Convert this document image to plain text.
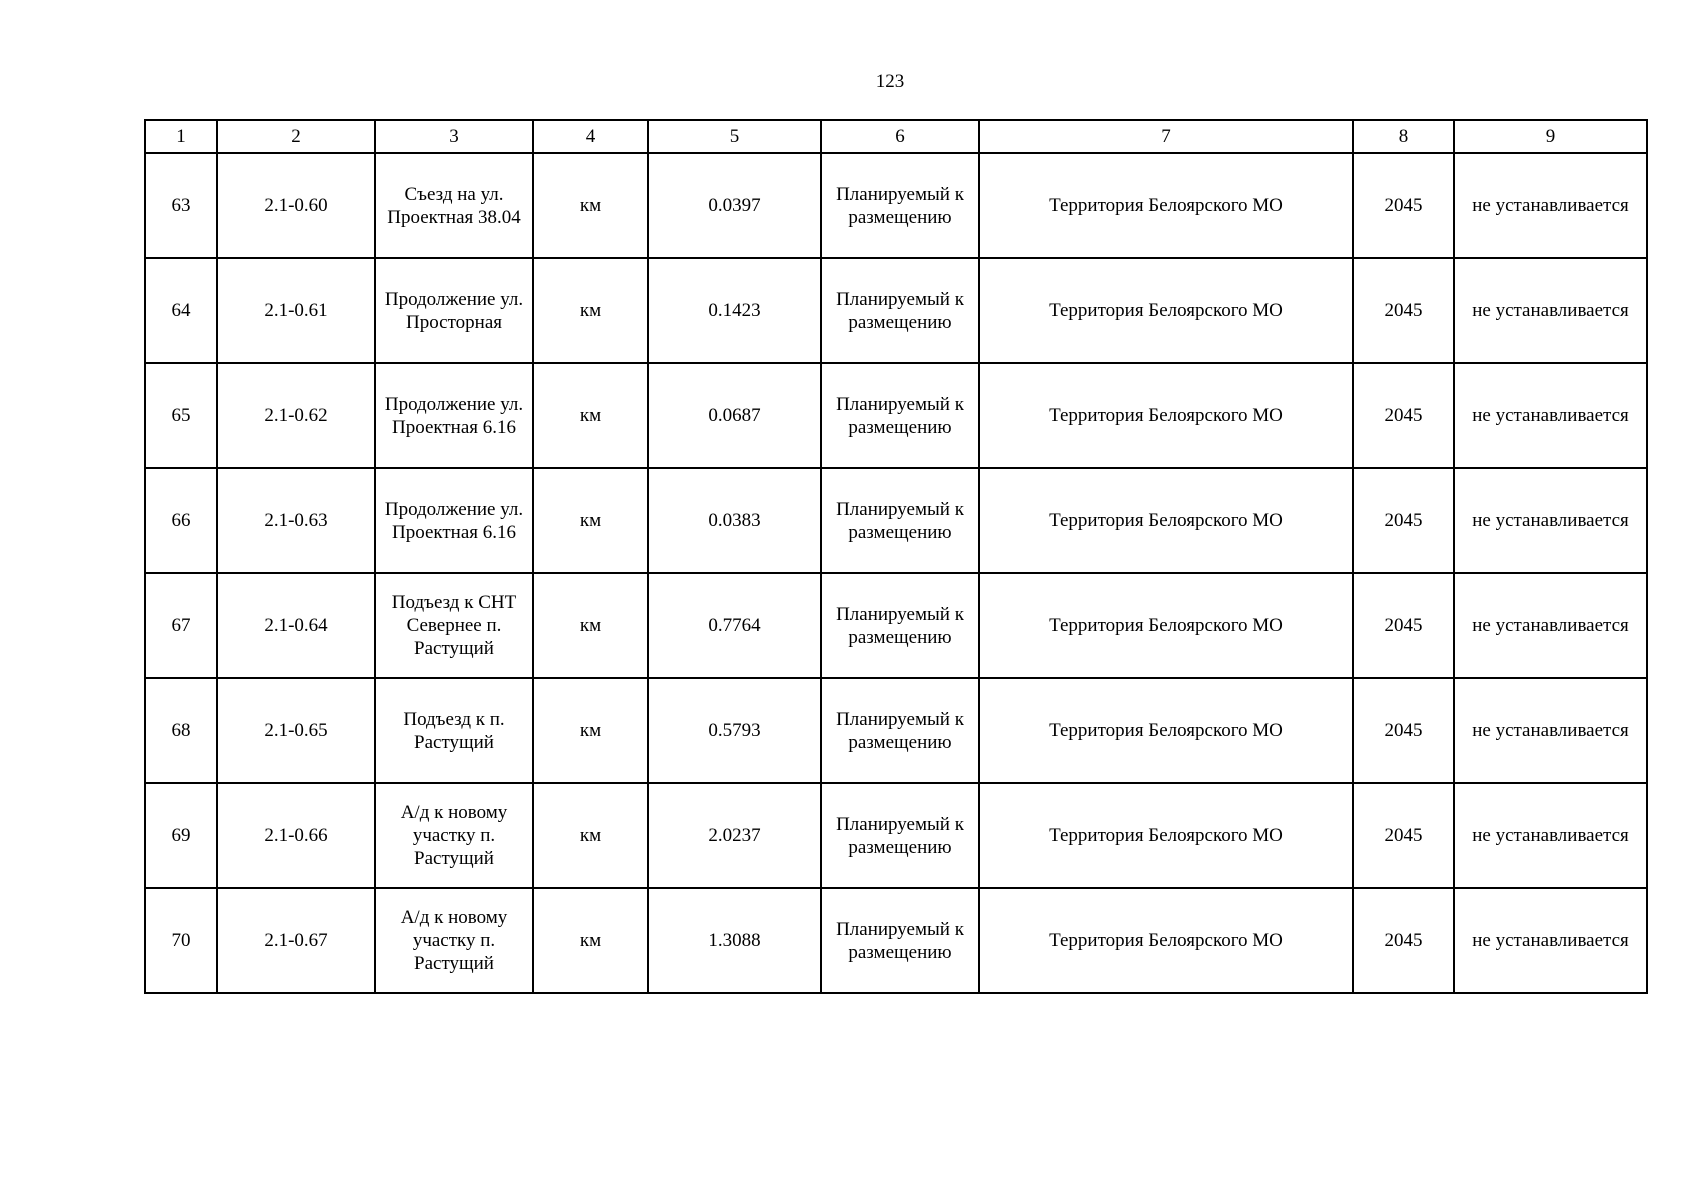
123
1	2	3	4	5	6	7	8	9
63	2.1-0.60	Съезд на ул. Проектная 38.04	км	0.0397	Планируемый к размещению	Территория Белоярского МО	2045	не устанавливается
64	2.1-0.61	Продолжение ул. Просторная	км	0.1423	Планируемый к размещению	Территория Белоярского МО	2045	не устанавливается
65	2.1-0.62	Продолжение ул. Проектная 6.16	км	0.0687	Планируемый к размещению	Территория Белоярского МО	2045	не устанавливается
66	2.1-0.63	Продолжение ул. Проектная 6.16	км	0.0383	Планируемый к размещению	Территория Белоярского МО	2045	не устанавливается
67	2.1-0.64	Подъезд к СНТ Севернее п. Растущий	км	0.7764	Планируемый к размещению	Территория Белоярского МО	2045	не устанавливается
68	2.1-0.65	Подъезд к п. Растущий	км	0.5793	Планируемый к размещению	Территория Белоярского МО	2045	не устанавливается
69	2.1-0.66	А/д к новому участку п. Растущий	км	2.0237	Планируемый к размещению	Территория Белоярского МО	2045	не устанавливается
70	2.1-0.67	А/д к новому участку п. Растущий	км	1.3088	Планируемый к размещению	Территория Белоярского МО	2045	не устанавливается
